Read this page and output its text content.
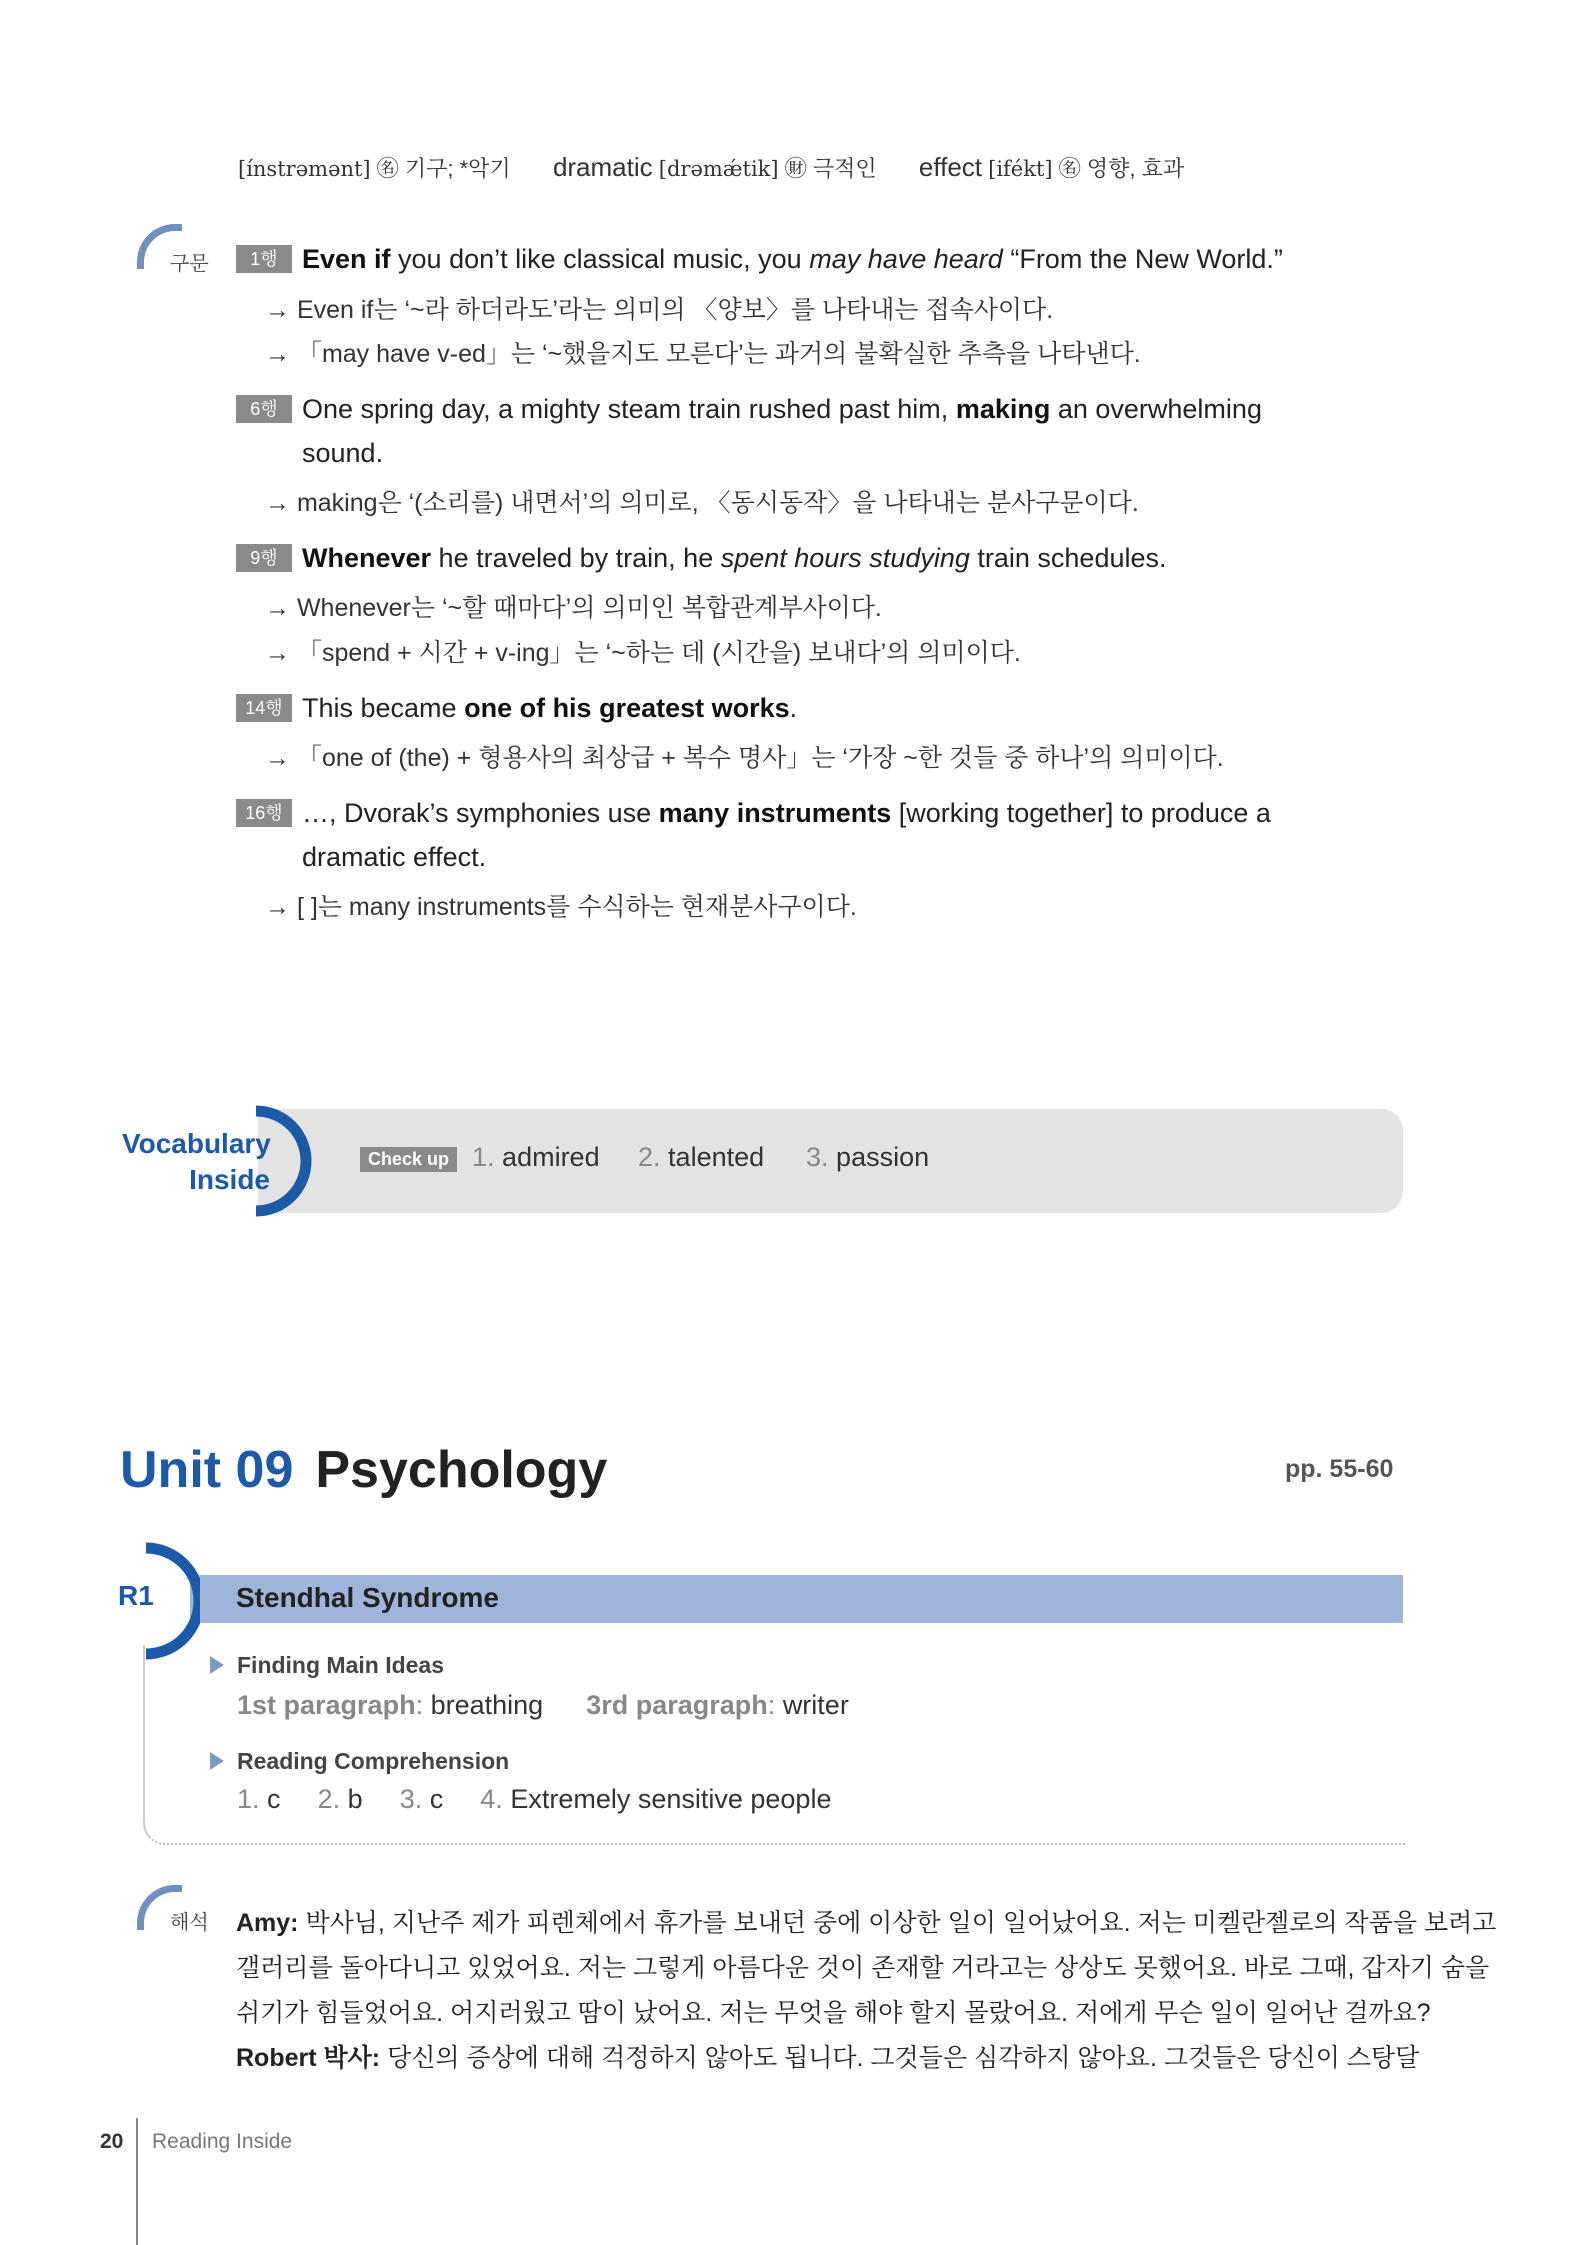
[ínstrəmənt] ㊔ 기구; *악기 dramatic [drəmǽtik] ㊖ 극적인 effect [ifékt] ㊔ 영향, 효과
구문	1행 Even if you don’t like classical music, you may have heard “From the New World.”
→ Even if는 ‘~라 하더라도’라는 의미의 〈양보〉를 나타내는 접속사이다.
→ 「may have v-ed」는 ‘~했을지도 모른다’는 과거의 불확실한 추측을 나타낸다.
6행 One spring day, a mighty steam train rushed past him, making an overwhelming
sound.
→ making은 ‘(소리를) 내면서’의 의미로, 〈동시동작〉을 나타내는 분사구문이다.
9행 Whenever he traveled by train, he spent hours studying train schedules.
→ Whenever는 ‘~할 때마다’의 의미인 복합관계부사이다.
→ 「spend + 시간 + v-ing」는 ‘~하는 데 (시간을) 보내다’의 의미이다.
14행 This became one of his greatest works.
→ 「one of (the) + 형용사의 최상급 + 복수 명사」는 ‘가장 ~한 것들 중 하나’의 의미이다.
16행 …, Dvorak’s symphonies use many instruments [working together] to produce a
dramatic effect.
→ [ ]는 many instruments를 수식하는 현재분사구이다.
Vocabulary
Inside
Check up 1. admired 2. talented 3. passion
Unit 09 Psychology	pp. 55-60
R1	Stendhal Syndrome
Finding Main Ideas
1st paragraph: breathing 3rd paragraph: writer
Reading Comprehension
1. c 2. b 3. c 4. Extremely sensitive people
해석 Amy: 박사님, 지난주 제가 피렌체에서 휴가를 보내던 중에 이상한 일이 일어났어요. 저는 미켈란젤로의 작품을 보려고
갤러리를 돌아다니고 있었어요. 저는 그렇게 아름다운 것이 존재할 거라고는 상상도 못했어요. 바로 그때, 갑자기 숨을
쉬기가 힘들었어요. 어지러웠고 땀이 났어요. 저는 무엇을 해야 할지 몰랐어요. 저에게 무슨 일이 일어난 걸까요?
Robert 박사: 당신의 증상에 대해 걱정하지 않아도 됩니다. 그것들은 심각하지 않아요. 그것들은 당신이 스탕달
20 Reading Inside
